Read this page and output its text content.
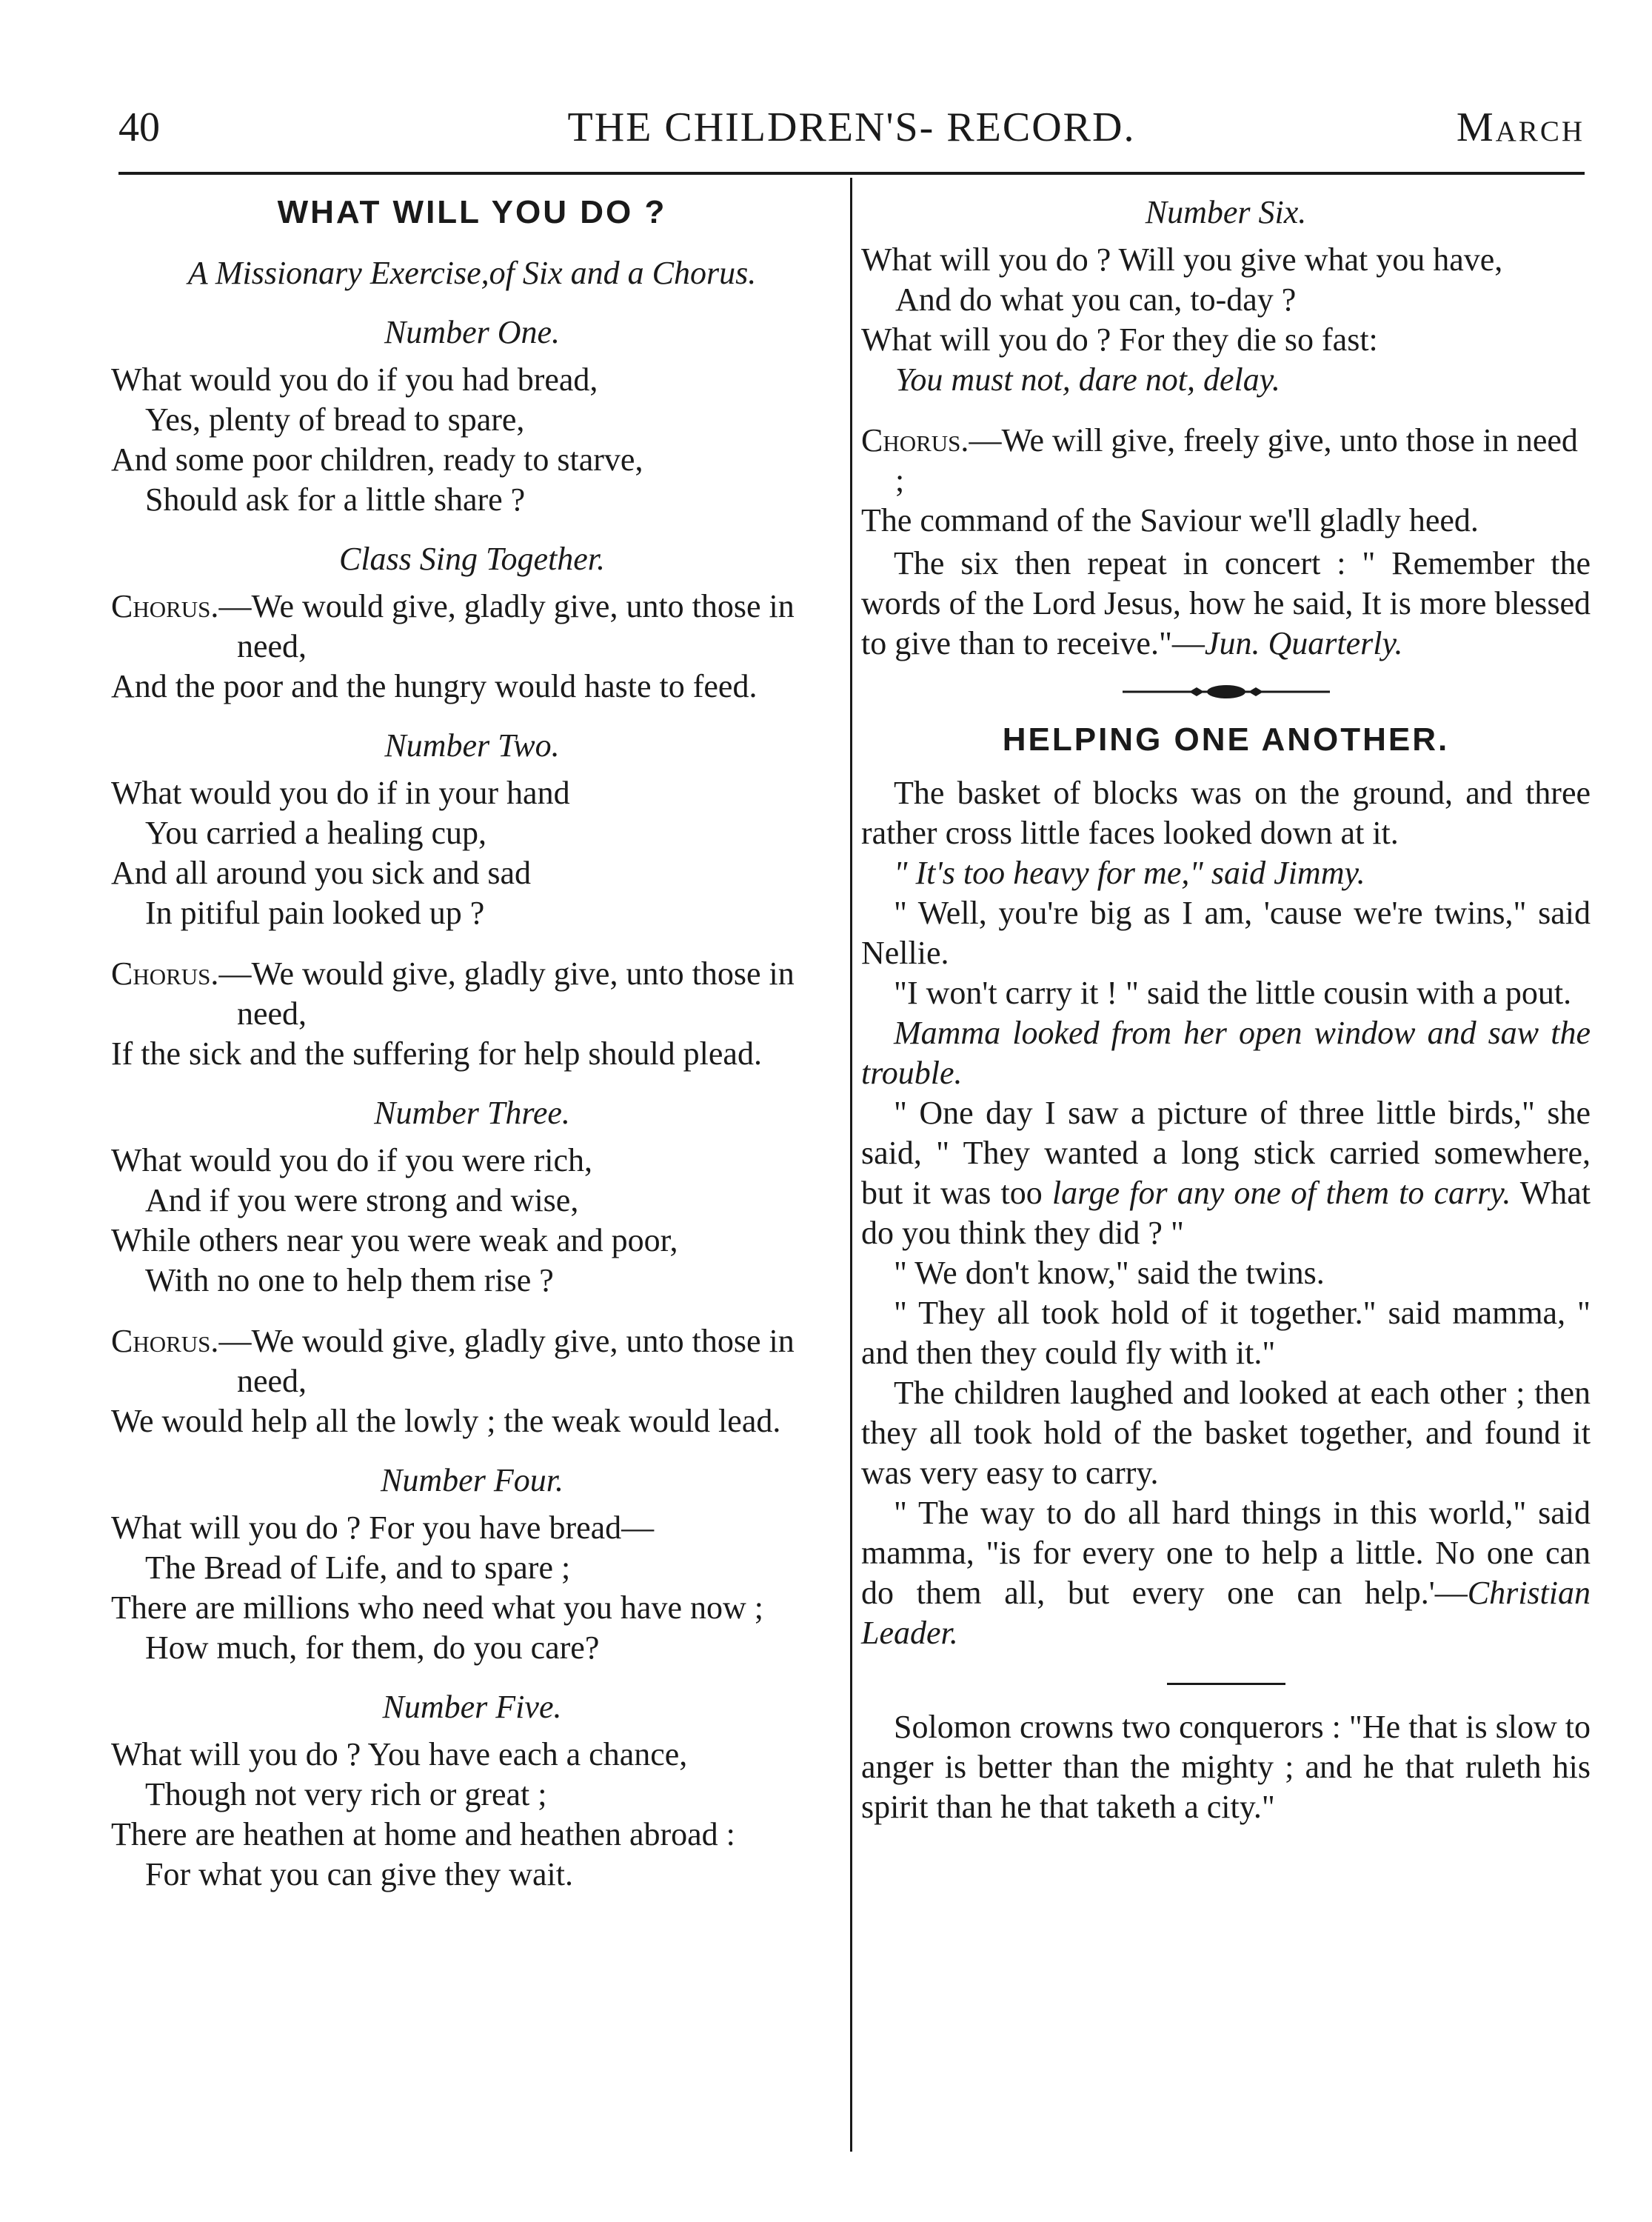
40	THE CHILDREN'S- RECORD.	March

WHAT WILL YOU DO ?

A Missionary Exercise,of Six and a Chorus.

Number One.

What would you do if you had bread,
Yes, plenty of bread to spare,
And some poor children, ready to starve,
Should ask for a little share ?

Class Sing Together.

Chorus.—We would give, gladly give, unto those in need,

And the poor and the hungry would haste to feed.

Number Two.

What would you do if in your hand
You carried a healing cup,
And all around you sick and sad
In pitiful pain looked up ?

Chorus.—We would give, gladly give, unto those in need,

If the sick and the suffering for help should plead.

Number Three.

What would you do if you were rich,
And if you were strong and wise,
While others near you were weak and poor,
With no one to help them rise ?

Chorus.—We would give, gladly give, unto those in need,

We would help all the lowly ; the weak would lead.

Number Four.

What will you do ? For you have bread—
The Bread of Life, and to spare ;
There are millions who need what you have now ;
How much, for them, do you care?

Number Five.

What will you do ? You have each a chance,
Though not very rich or great ;
There are heathen at home and heathen abroad :
For what you can give they wait.

Number Six.

What will you do ? Will you give what you have,
And do what you can, to-day ?
What will you do ? For they die so fast:
You must not, dare not, delay.

Chorus.—We will give, freely give, unto those in need ;

The command of the Saviour we'll gladly heed.

The six then repeat in concert : " Remember the words of the Lord Jesus, how he said, It is more blessed to give than to receive."—Jun. Quarterly.

HELPING ONE ANOTHER.

The basket of blocks was on the ground, and three rather cross little faces looked down at it.

" It's too heavy for me," said Jimmy.

" Well, you're big as I am, 'cause we're twins," said Nellie.

"I won't carry it ! " said the little cousin with a pout.

Mamma looked from her open window and saw the trouble.

" One day I saw a picture of three little birds," she said, " They wanted a long stick carried somewhere, but it was too large for any one of them to carry. What do you think they did ? "

" We don't know," said the twins.

" They all took hold of it together." said mamma, " and then they could fly with it."

The children laughed and looked at each other ; then they all took hold of the basket together, and found it was very easy to carry.

" The way to do all hard things in this world," said mamma, "is for every one to help a little. No one can do them all, but every one can help.'—Christian Leader.

Solomon crowns two conquerors : "He that is slow to anger is better than the mighty ; and he that ruleth his spirit than he that taketh a city."
